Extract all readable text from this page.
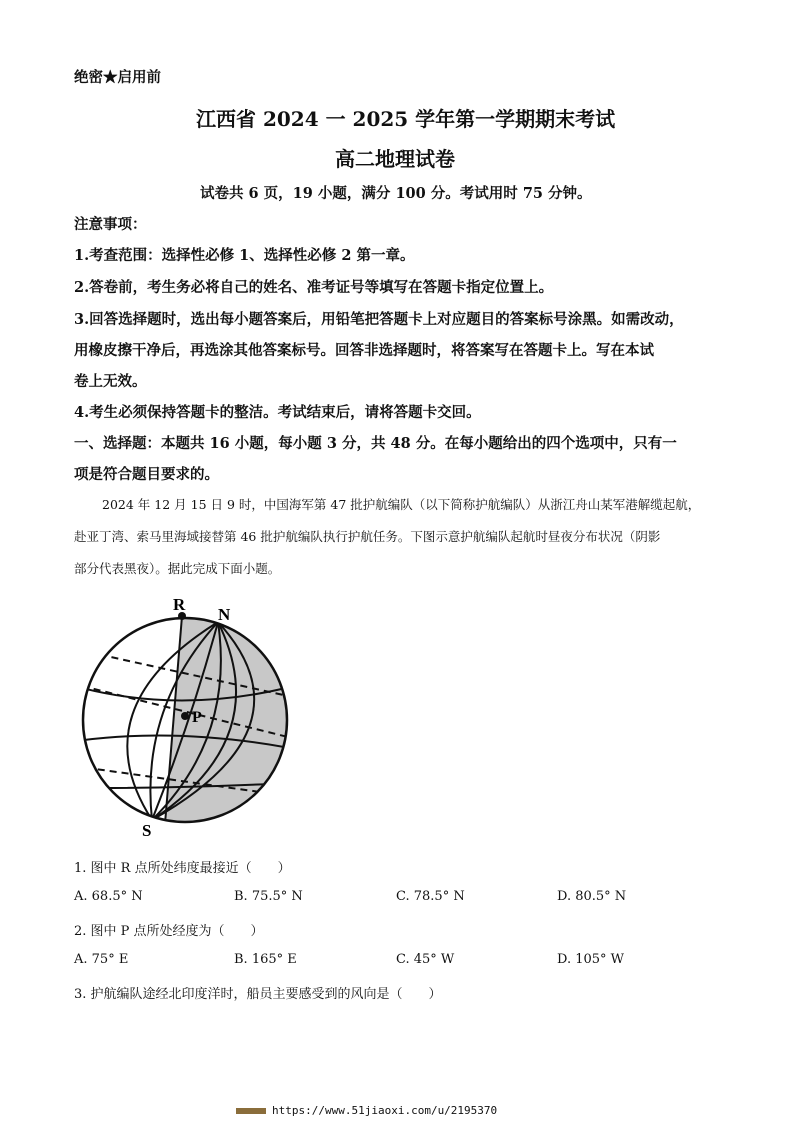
绝密★启用前
江西省 2024 一 2025 学年第一学期期末考试
高二地理试卷
试卷共 6 页，19 小题，满分 100 分。考试用时 75 分钟。
注意事项：
1.考查范围：选择性必修 1、选择性必修 2 第一章。
2.答卷前，考生务必将自己的姓名、准考证号等填写在答题卡指定位置上。
3.回答选择题时，选出每小题答案后，用铅笔把答题卡上对应题目的答案标号涂黑。如需改动，
用橡皮擦干净后，再选涂其他答案标号。回答非选择题时，将答案写在答题卡上。写在本试
卷上无效。
4.考生必须保持答题卡的整洁。考试结束后，请将答题卡交回。
一、选择题：本题共 16 小题，每小题 3 分，共 48 分。在每小题给出的四个选项中，只有一
项是符合题目要求的。
2024 年 12 月 15 日 9 时，中国海军第 47 批护航编队（以下简称护航编队）从浙江舟山某军港解缆起航，
赴亚丁湾、索马里海域接替第 46 批护航编队执行护航任务。下图示意护航编队起航时昼夜分布状况（阴影
部分代表黑夜）。据此完成下面小题。
R
N
P
S
1. 图中 R 点所处纬度最接近（　　）
A. 68.5° N	B. 75.5° N	C. 78.5° N	D. 80.5° N
2. 图中 P 点所处经度为（　　）
A. 75° E	B. 165° E	C. 45° W	D. 105° W
3. 护航编队途经北印度洋时，船员主要感受到的风向是（　　）
https://www.51jiaoxi.com/u/2195370
